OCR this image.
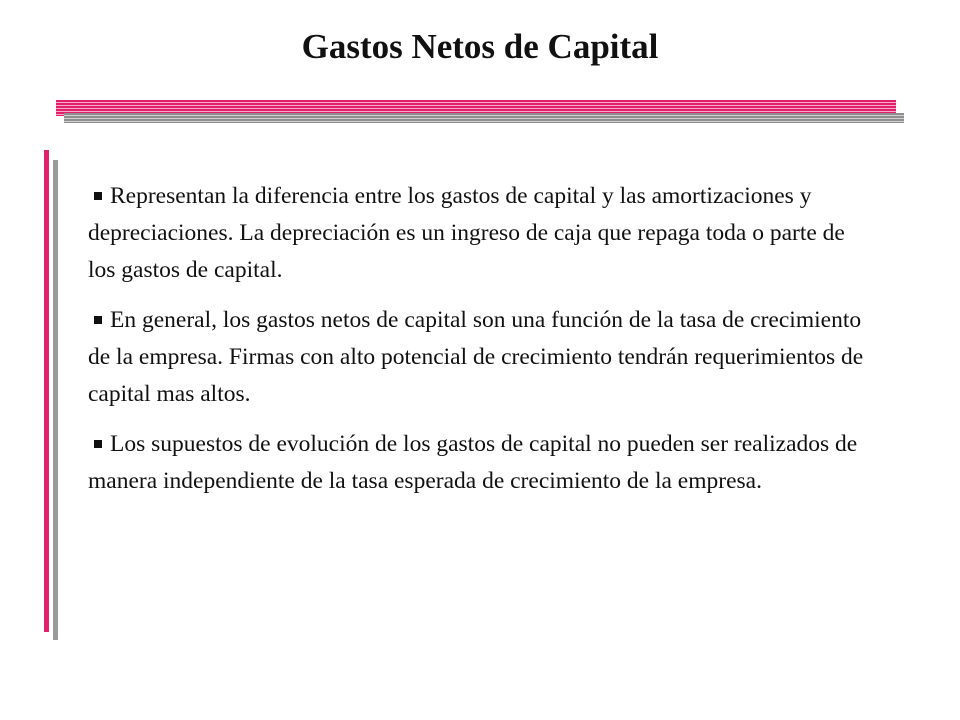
Gastos Netos de Capital

Representan la diferencia entre los gastos de capital y las amortizaciones y depreciaciones. La depreciación es un ingreso de caja que repaga toda o parte de los gastos de capital.

En general, los gastos netos de capital son una función de la tasa de crecimiento de la empresa. Firmas con alto potencial de crecimiento tendrán requerimientos de capital mas altos.

Los supuestos de evolución de los gastos de capital no pueden ser realizados de manera independiente de la tasa esperada de crecimiento de la empresa.
